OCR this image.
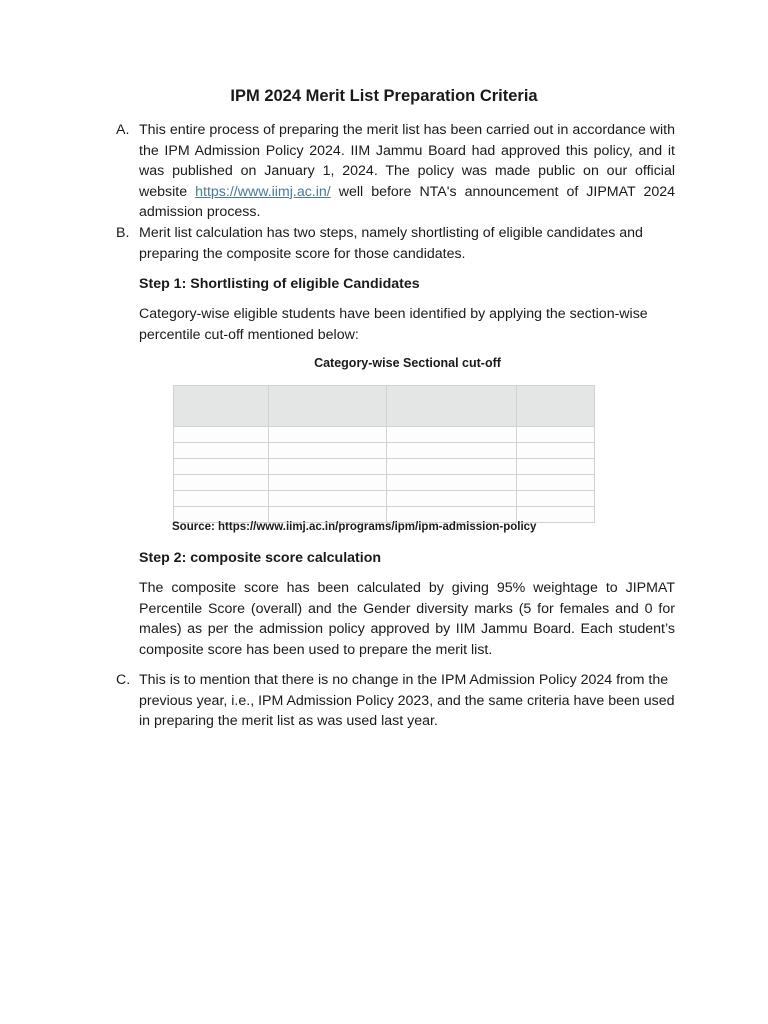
IPM 2024 Merit List Preparation Criteria
A. This entire process of preparing the merit list has been carried out in accordance with the IPM Admission Policy 2024. IIM Jammu Board had approved this policy, and it was published on January 1, 2024. The policy was made public on our official website https://www.iimj.ac.in/ well before NTA's announcement of JIPMAT 2024 admission process.
B. Merit list calculation has two steps, namely shortlisting of eligible candidates and preparing the composite score for those candidates.
Step 1: Shortlisting of eligible Candidates
Category-wise eligible students have been identified by applying the section-wise percentile cut-off mentioned below:
Category-wise Sectional cut-off

Source: https://www.iimj.ac.in/programs/ipm/ipm-admission-policy
Step 2: composite score calculation
The composite score has been calculated by giving 95% weightage to JIPMAT Percentile Score (overall) and the Gender diversity marks (5 for females and 0 for males) as per the admission policy approved by IIM Jammu Board. Each student’s composite score has been used to prepare the merit list.
C. This is to mention that there is no change in the IPM Admission Policy 2024 from the previous year, i.e., IPM Admission Policy 2023, and the same criteria have been used in preparing the merit list as was used last year.
